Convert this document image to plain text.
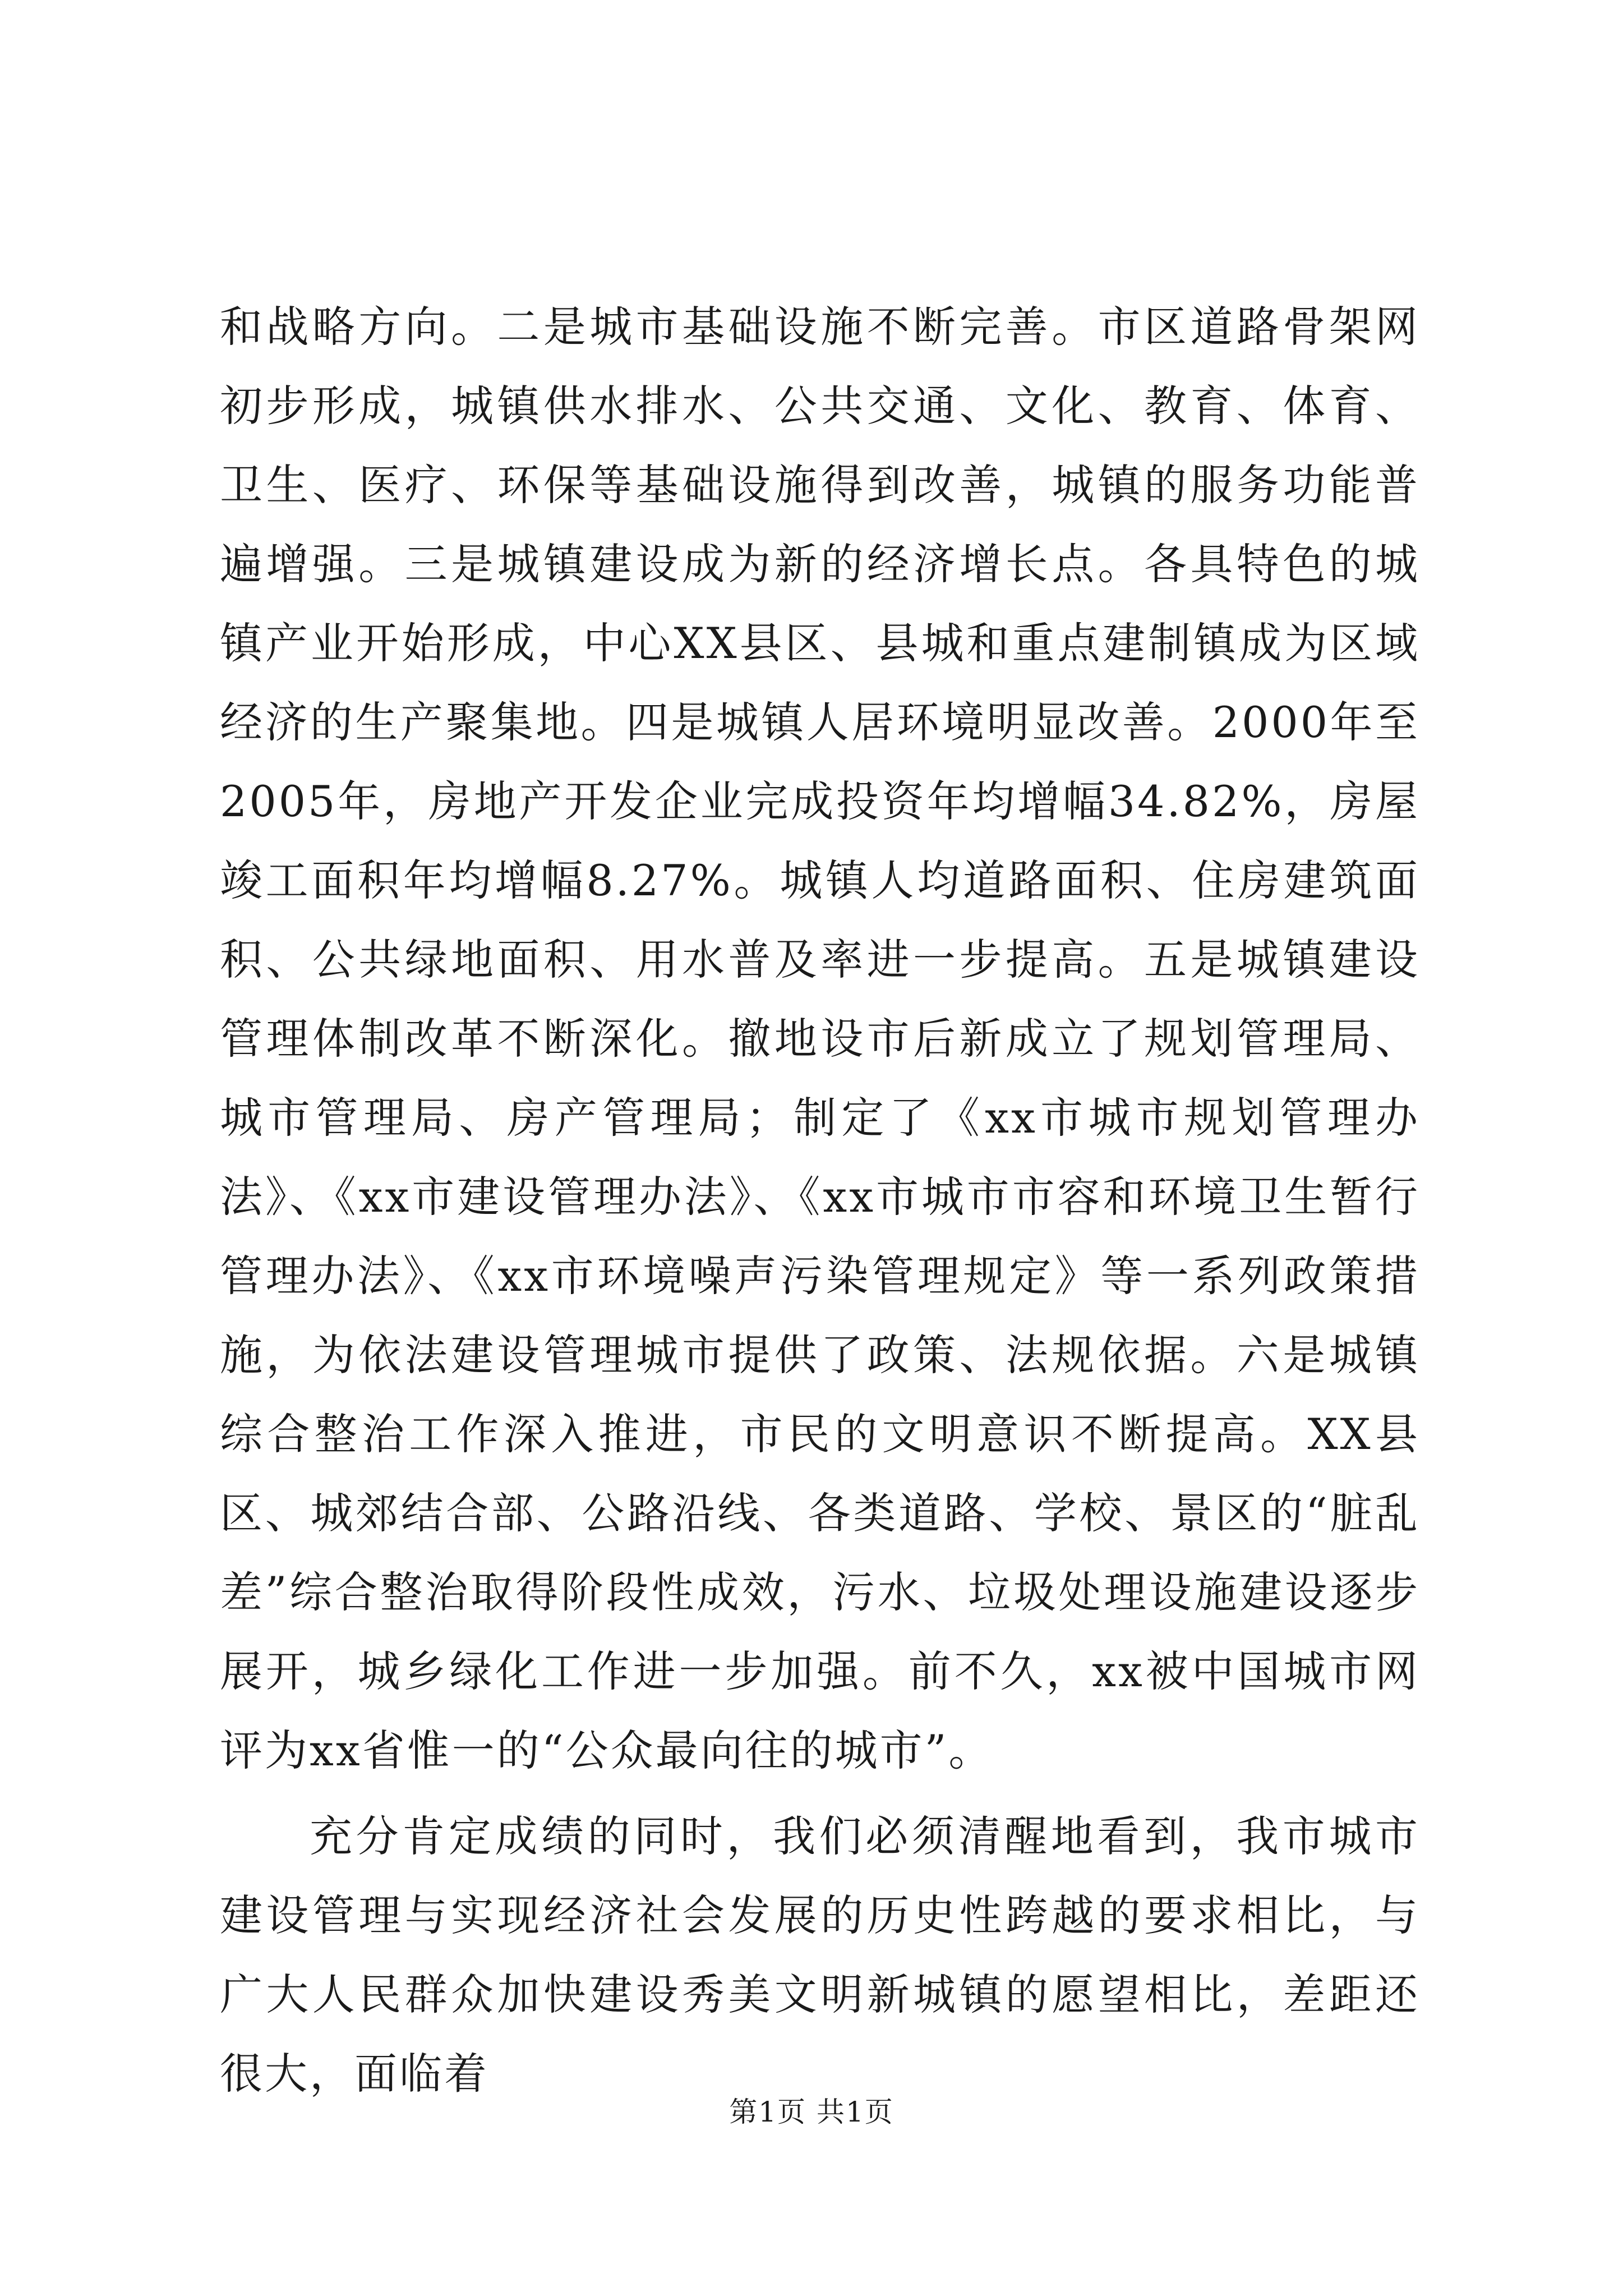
和战略方向。二是城市基础设施不断完善。市区道路骨架网初步形成，城镇供水排水、公共交通、文化、教育、体育、卫生、医疗、环保等基础设施得到改善，城镇的服务功能普遍增强。三是城镇建设成为新的经济增长点。各具特色的城镇产业开始形成，中心XX县区、县城和重点建制镇成为区域经济的生产聚集地。四是城镇人居环境明显改善。2000年至2005年，房地产开发企业完成投资年均增幅34.82%，房屋竣工面积年均增幅8.27%。城镇人均道路面积、住房建筑面积、公共绿地面积、用水普及率进一步提高。五是城镇建设管理体制改革不断深化。撤地设市后新成立了规划管理局、城市管理局、房产管理局；制定了《xx市城市规划管理办法》、《xx市建设管理办法》、《xx市城市市容和环境卫生暂行管理办法》、《xx市环境噪声污染管理规定》等一系列政策措施，为依法建设管理城市提供了政策、法规依据。六是城镇综合整治工作深入推进，市民的文明意识不断提高。XX县区、城郊结合部、公路沿线、各类道路、学校、景区的“脏乱差”综合整治取得阶段性成效，污水、垃圾处理设施建设逐步展开，城乡绿化工作进一步加强。前不久，xx被中国城市网评为xx省惟一的“公众最向往的城市”。

充分肯定成绩的同时，我们必须清醒地看到，我市城市建设管理与实现经济社会发展的历史性跨越的要求相比，与广大人民群众加快建设秀美文明新城镇的愿望相比，差距还很大，面临着

第1页 共1页
